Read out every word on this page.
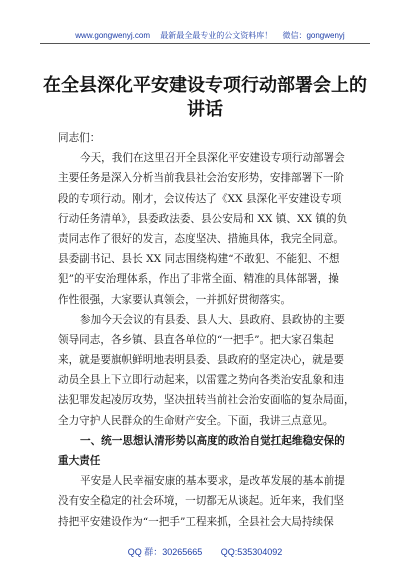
www.gongwenyj.com 最新最全最专业的公文资料库！ 微信：gongwenyj
在全县深化平安建设专项行动部署会上的
讲话
同志们：
今天，我们在这里召开全县深化平安建设专项行动部署会
主要任务是深入分析当前我县社会治安形势，安排部署下一阶
段的专项行动。刚才，会议传达了《XX 县深化平安建设专项
行动任务清单》，县委政法委、县公安局和 XX 镇、XX 镇的负
责同志作了很好的发言，态度坚决、措施具体，我完全同意。
县委副书记、县长 XX 同志围绕构建“不敢犯、不能犯、不想
犯”的平安治理体系，作出了非常全面、精准的具体部署，操
作性很强，大家要认真领会，一并抓好贯彻落实。
参加今天会议的有县委、县人大、县政府、县政协的主要
领导同志，各乡镇、县直各单位的“一把手”。把大家召集起
来，就是要旗帜鲜明地表明县委、县政府的坚定决心，就是要
动员全县上下立即行动起来，以雷霆之势向各类治安乱象和违
法犯罪发起凌厉攻势，坚决扭转当前社会治安面临的复杂局面，
全力守护人民群众的生命财产安全。下面，我讲三点意见。
一、统一思想认清形势以高度的政治自觉扛起维稳安保的
重大责任
平安是人民幸福安康的基本要求，是改革发展的基本前提
没有安全稳定的社会环境，一切都无从谈起。近年来，我们坚
持把平安建设作为“一把手”工程来抓，全县社会大局持续保
QQ 群：30265665 QQ:535304092
